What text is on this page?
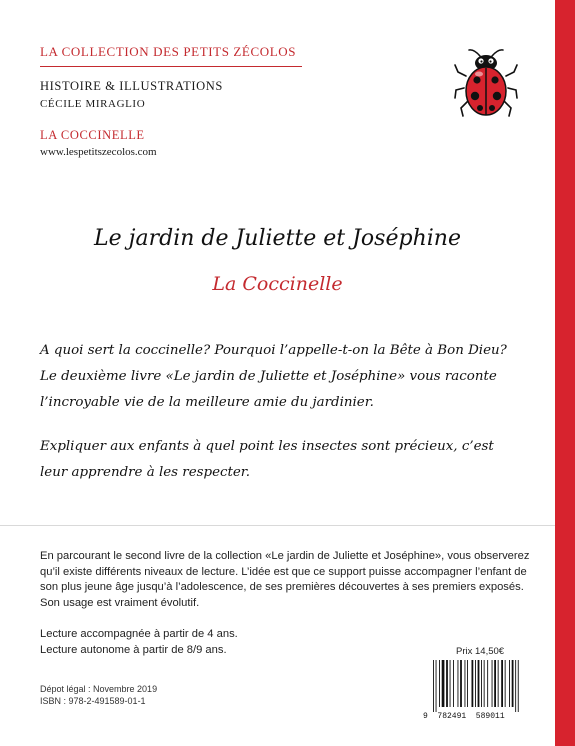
LA COLLECTION DES PETITS ZÉCOLOS
HISTOIRE & ILLUSTRATIONS
CÉCILE MIRAGLIO
LA COCCINELLE
www.lespetitszecolos.com
Le jardin de Juliette et Joséphine
La Coccinelle
A quoi sert la coccinelle? Pourquoi l’appelle-t-on la Bête à Bon Dieu? Le deuxième livre «Le jardin de Juliette et Joséphine» vous raconte l’incroyable vie de la meilleure amie du jardinier.
Expliquer aux enfants à quel point les insectes sont précieux, c’est leur apprendre à les respecter.
En parcourant le second livre de la collection «Le jardin de Juliette et Joséphine», vous observerez qu’il existe différents niveaux de lecture. L’idée est que ce support puisse accompagner l’enfant de son plus jeune âge jusqu’à l’adolescence, de ses premières découvertes à ses premiers exposés. Son usage est vraiment évolutif.
Lecture accompagnée à partir de 4 ans.
Lecture autonome à partir de 8/9 ans.
Dépot légal : Novembre 2019
ISBN : 978-2-491589-01-1
Prix 14,50€
9  782491  589011
